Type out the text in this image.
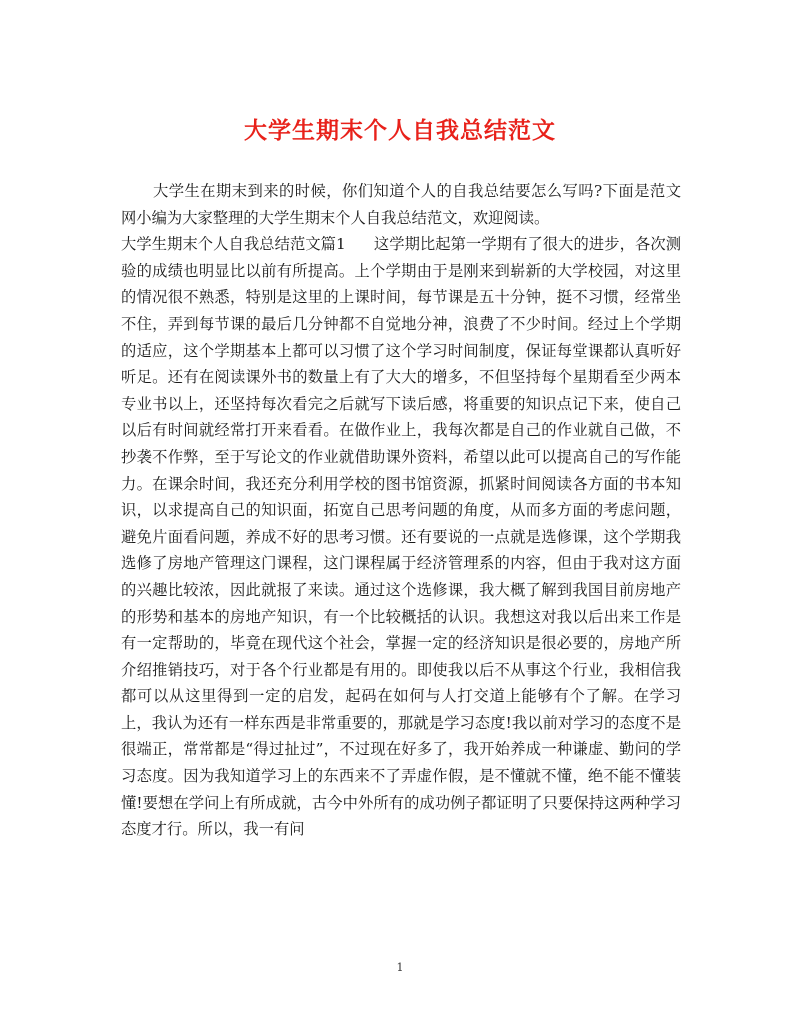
大学生期末个人自我总结范文

大学生在期末到来的时候，你们知道个人的自我总结要怎么写吗?下面是范文网小编为大家整理的大学生期末个人自我总结范文，欢迎阅读。

大学生期末个人自我总结范文篇1 这学期比起第一学期有了很大的进步，各次测验的成绩也明显比以前有所提高。上个学期由于是刚来到崭新的大学校园，对这里的情况很不熟悉，特别是这里的上课时间，每节课是五十分钟，挺不习惯，经常坐不住，弄到每节课的最后几分钟都不自觉地分神，浪费了不少时间。经过上个学期的适应，这个学期基本上都可以习惯了这个学习时间制度，保证每堂课都认真听好听足。还有在阅读课外书的数量上有了大大的增多，不但坚持每个星期看至少两本专业书以上，还坚持每次看完之后就写下读后感，将重要的知识点记下来，使自己以后有时间就经常打开来看看。在做作业上，我每次都是自己的作业就自己做，不抄袭不作弊，至于写论文的作业就借助课外资料，希望以此可以提高自己的写作能力。在课余时间，我还充分利用学校的图书馆资源，抓紧时间阅读各方面的书本知识，以求提高自己的知识面，拓宽自己思考问题的角度，从而多方面的考虑问题，避免片面看问题，养成不好的思考习惯。还有要说的一点就是选修课，这个学期我选修了房地产管理这门课程，这门课程属于经济管理系的内容，但由于我对这方面的兴趣比较浓，因此就报了来读。通过这个选修课，我大概了解到我国目前房地产的形势和基本的房地产知识，有一个比较概括的认识。我想这对我以后出来工作是有一定帮助的，毕竟在现代这个社会，掌握一定的经济知识是很必要的，房地产所介绍推销技巧，对于各个行业都是有用的。即使我以后不从事这个行业，我相信我都可以从这里得到一定的启发，起码在如何与人打交道上能够有个了解。在学习上，我认为还有一样东西是非常重要的，那就是学习态度!我以前对学习的态度不是很端正，常常都是“得过扯过”，不过现在好多了，我开始养成一种谦虚、勤问的学习态度。因为我知道学习上的东西来不了弄虚作假，是不懂就不懂，绝不能不懂装懂!要想在学问上有所成就，古今中外所有的成功例子都证明了只要保持这两种学习态度才行。所以，我一有问

1
